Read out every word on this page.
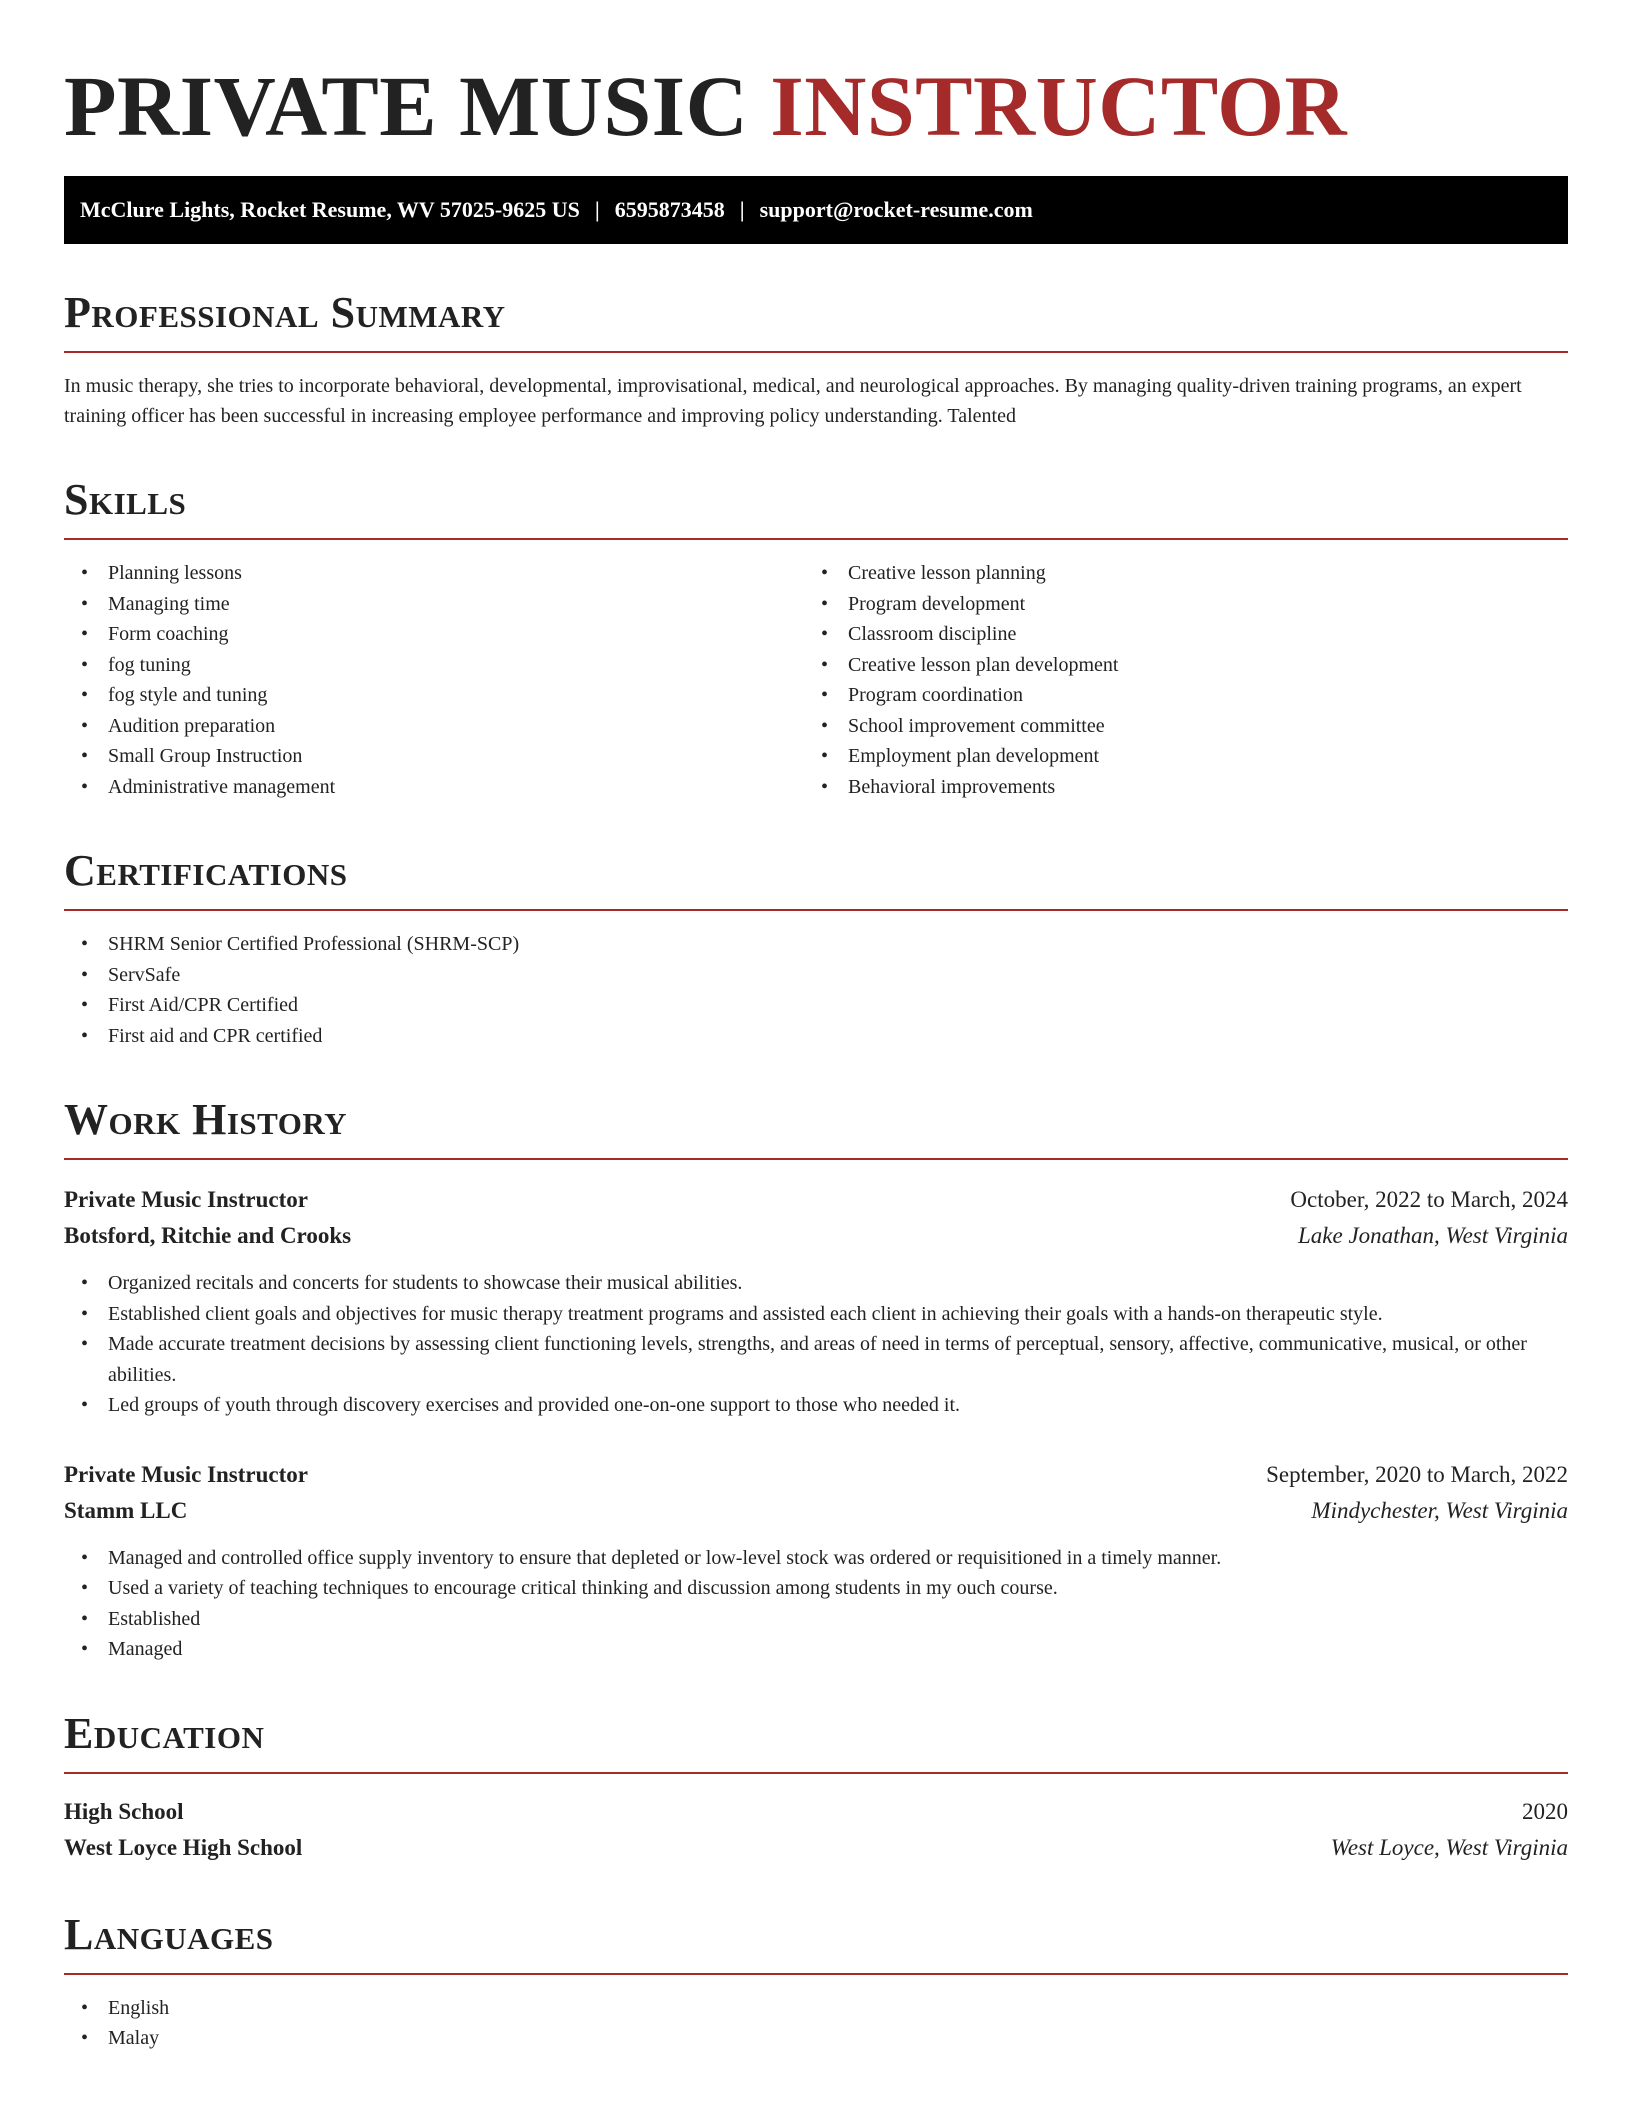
PRIVATE MUSIC INSTRUCTOR
McClure Lights, Rocket Resume, WV 57025-9625 US | 6595873458 | support@rocket-resume.com
Professional Summary

In music therapy, she tries to incorporate behavioral, developmental, improvisational, medical, and neurological approaches. By managing quality-driven training programs, an expert training officer has been successful in increasing employee performance and improving policy understanding. Talented

Skills
• Planning lessons
• Managing time
• Form coaching
• fog tuning
• fog style and tuning
• Audition preparation
• Small Group Instruction
• Administrative management
• Creative lesson planning
• Program development
• Classroom discipline
• Creative lesson plan development
• Program coordination
• School improvement committee
• Employment plan development
• Behavioral improvements
Certifications
• SHRM Senior Certified Professional (SHRM-SCP)
• ServSafe
• First Aid/CPR Certified
• First aid and CPR certified
Work History
Private Music Instructor	October, 2022 to March, 2024
Botsford, Ritchie and Crooks	Lake Jonathan, West Virginia
• Organized recitals and concerts for students to showcase their musical abilities.
• Established client goals and objectives for music therapy treatment programs and assisted each client in achieving their goals with a hands-on therapeutic style.
• Made accurate treatment decisions by assessing client functioning levels, strengths, and areas of need in terms of perceptual, sensory, affective, communicative, musical, or other abilities.
• Led groups of youth through discovery exercises and provided one-on-one support to those who needed it.
Private Music Instructor	September, 2020 to March, 2022
Stamm LLC	Mindychester, West Virginia
• Managed and controlled office supply inventory to ensure that depleted or low-level stock was ordered or requisitioned in a timely manner.
• Used a variety of teaching techniques to encourage critical thinking and discussion among students in my ouch course.
• Established
• Managed
Education
High School	2020
West Loyce High School	West Loyce, West Virginia
Languages
• English
• Malay
